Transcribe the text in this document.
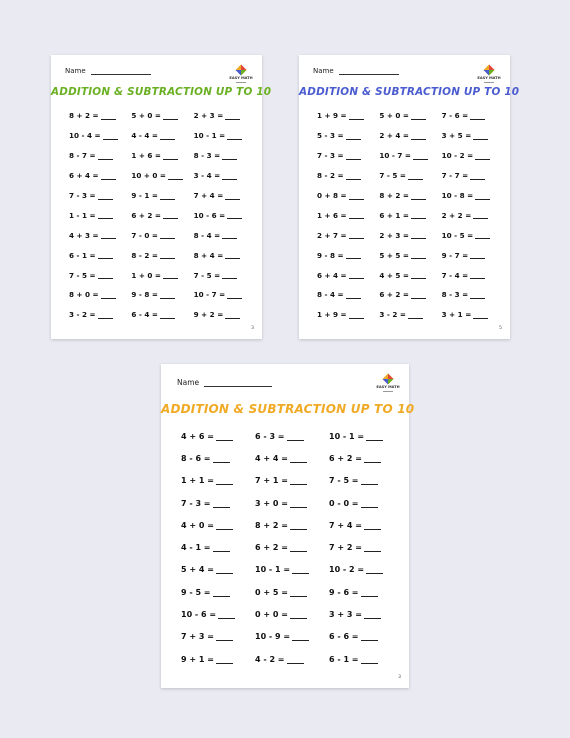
Name
EASY MATH
ADDITION & SUBTRACTION UP TO 10
8 + 2 =	5 + 0 =	2 + 3 =
10 - 4 =	4 - 4 =	10 - 1 =
8 - 7 =	1 + 6 =	8 - 3 =
6 + 4 =	10 + 0 =	3 - 4 =
7 - 3 =	9 - 1 =	7 + 4 =
1 - 1 =	6 + 2 =	10 - 6 =
4 + 3 =	7 - 0 =	8 - 4 =
6 - 1 =	8 - 2 =	8 + 4 =
7 - 5 =	1 + 0 =	7 - 5 =
8 + 0 =	9 - 8 =	10 - 7 =
3 - 2 =	6 - 4 =	9 + 2 =
3
Name
EASY MATH
ADDITION & SUBTRACTION UP TO 10
1 + 9 =	5 + 0 =	7 - 6 =
5 - 3 =	2 + 4 =	3 + 5 =
7 - 3 =	10 - 7 =	10 - 2 =
8 - 2 =	7 - 5 =	7 - 7 =
0 + 8 =	8 + 2 =	10 - 8 =
1 + 6 =	6 + 1 =	2 + 2 =
2 + 7 =	2 + 3 =	10 - 5 =
9 - 8 =	5 + 5 =	9 - 7 =
6 + 4 =	4 + 5 =	7 - 4 =
8 - 4 =	6 + 2 =	8 - 3 =
1 + 9 =	3 - 2 =	3 + 1 =
5
Name	EASY MATH
ADDITION & SUBTRACTION UP TO 10
4 + 6 =	6 - 3 =	10 - 1 =
8 - 6 =	4 + 4 =	6 + 2 =
1 + 1 =	7 + 1 =	7 - 5 =
7 - 3 =	3 + 0 =	0 - 0 =
4 + 0 =	8 + 2 =	7 + 4 =
4 - 1 =	6 + 2 =	7 + 2 =
5 + 4 =	10 - 1 =	10 - 2 =
9 - 5 =	0 + 5 =	9 - 6 =
10 - 6 =	0 + 0 =	3 + 3 =
7 + 3 =	10 - 9 =	6 - 6 =
9 + 1 =	4 - 2 =	6 - 1 =
3
